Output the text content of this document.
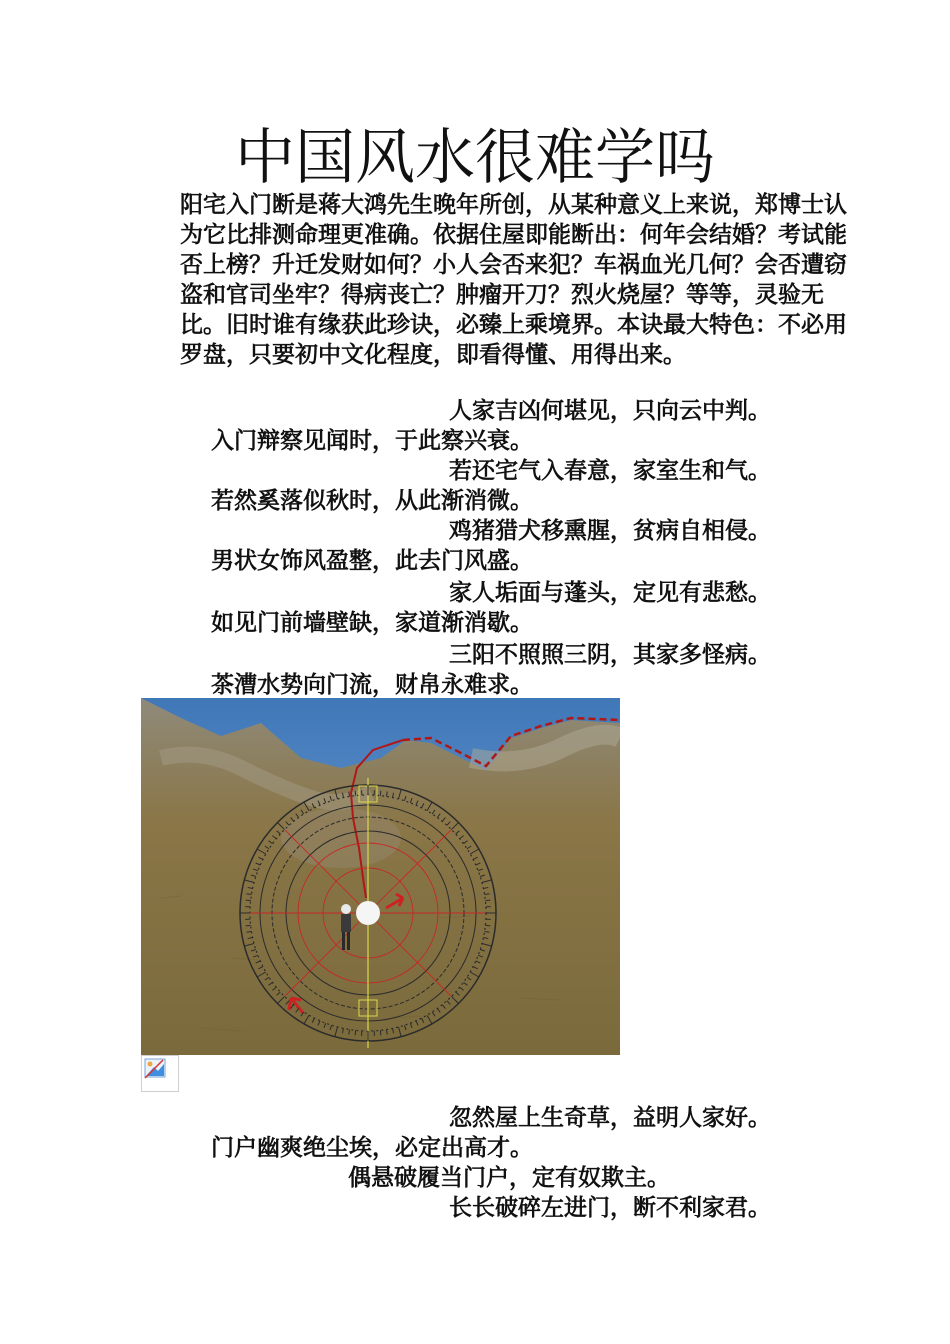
中国风水很难学吗

阳宅入门断是蒋大鸿先生晚年所创，从某种意义上来说，郑博士认为它比排测命理更准确。依据住屋即能断出：何年会结婚？考试能否上榜？升迁发财如何？小人会否来犯？车祸血光几何？会否遭窃盗和官司坐牢？得病丧亡？肿瘤开刀？烈火烧屋？等等，灵验无比。旧时谁有缘获此珍诀，必臻上乘境界。本诀最大特色：不必用罗盘，只要初中文化程度，即看得懂、用得出来。

人家吉凶何堪见，只向云中判。
入门辩察见闻时，于此察兴衰。
若还宅气入春意，家室生和气。
若然奚落似秋时，从此渐消微。
鸡猪猎犬移熏腥，贫病自相侵。
男状女饰风盈整，此去门风盛。
家人垢面与蓬头，定见有悲愁。
如见门前墙壁缺，家道渐消歇。
三阳不照照三阴，其家多怪病。
茶漕水势向门流，财帛永难求。
忽然屋上生奇草，益明人家好。
门户幽爽绝尘埃，必定出高才。
偶悬破履当门户，定有奴欺主。
长长破碎左进门，断不利家君。
